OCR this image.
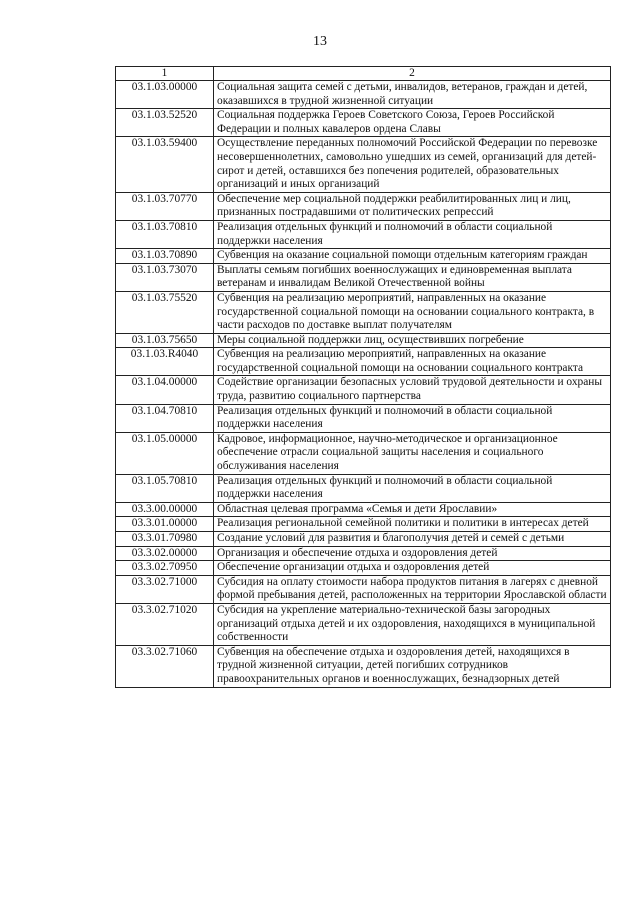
13
1	2
03.1.03.00000	Социальная защита семей с детьми, инвалидов, ветеранов, граждан и детей, оказавшихся в трудной жизненной ситуации
03.1.03.52520	Социальная поддержка Героев Советского Союза, Героев Российской Федерации и полных кавалеров ордена Славы
03.1.03.59400	Осуществление переданных полномочий Российской Федерации по перевозке несовершеннолетних, самовольно ушедших из семей, организаций для детей-сирот и детей, оставшихся без попечения родителей, образовательных организаций и иных организаций
03.1.03.70770	Обеспечение мер социальной поддержки реабилитированных лиц и лиц, признанных пострадавшими от политических репрессий
03.1.03.70810	Реализация отдельных функций и полномочий в области социальной поддержки населения
03.1.03.70890	Субвенция на оказание социальной помощи отдельным категориям граждан
03.1.03.73070	Выплаты семьям погибших военнослужащих и единовременная выплата ветеранам и инвалидам Великой Отечественной войны
03.1.03.75520	Субвенция на реализацию мероприятий, направленных на оказание государственной социальной помощи на основании социального контракта, в части расходов по доставке выплат получателям
03.1.03.75650	Меры социальной поддержки лиц, осуществивших погребение
03.1.03.R4040	Субвенция на реализацию мероприятий, направленных на оказание государственной социальной помощи на основании социального контракта
03.1.04.00000	Содействие организации безопасных условий трудовой деятельности и охраны труда, развитию социального партнерства
03.1.04.70810	Реализация отдельных функций и полномочий в области социальной поддержки населения
03.1.05.00000	Кадровое, информационное, научно-методическое и организационное обеспечение отрасли социальной защиты населения и социального обслуживания населения
03.1.05.70810	Реализация отдельных функций и полномочий в области социальной поддержки населения
03.3.00.00000	Областная целевая программа «Семья и дети Ярославии»
03.3.01.00000	Реализация региональной семейной политики и политики в интересах детей
03.3.01.70980	Создание условий для развития и благополучия детей и семей с детьми
03.3.02.00000	Организация и обеспечение отдыха и оздоровления детей
03.3.02.70950	Обеспечение организации отдыха и оздоровления детей
03.3.02.71000	Субсидия на оплату стоимости набора продуктов питания в лагерях с дневной формой пребывания детей, расположенных на территории Ярославской области
03.3.02.71020	Субсидия на укрепление материально-технической базы загородных организаций отдыха детей и их оздоровления, находящихся в муниципальной собственности
03.3.02.71060	Субвенция на обеспечение отдыха и оздоровления детей, находящихся в трудной жизненной ситуации, детей погибших сотрудников правоохранительных органов и военнослужащих, безнадзорных детей
